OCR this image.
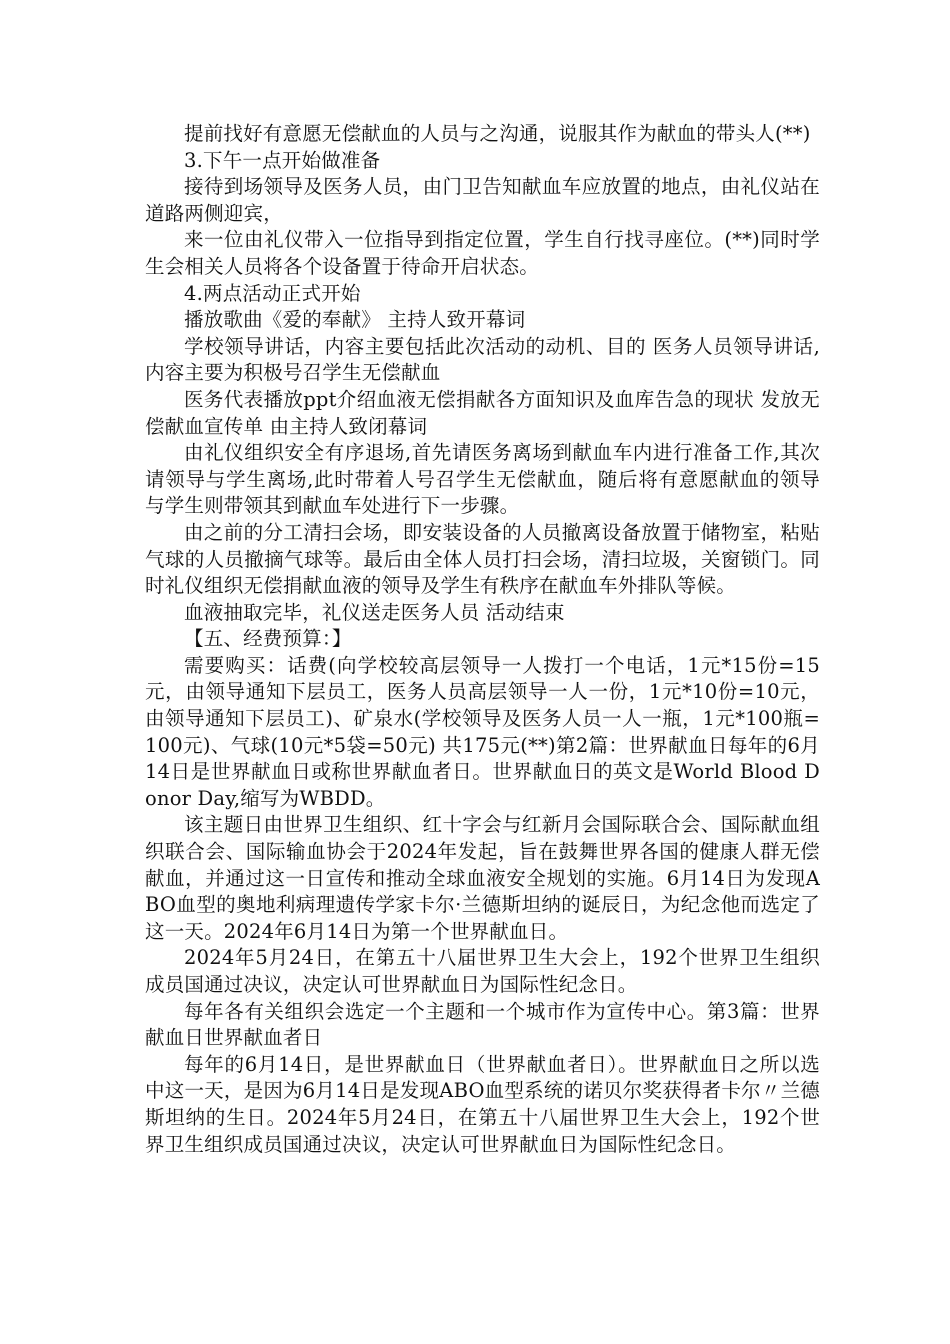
提前找好有意愿无偿献血的人员与之沟通，说服其作为献血的带头人(**)

3.下午一点开始做准备

接待到场领导及医务人员，由门卫告知献血车应放置的地点，由礼仪站在道路两侧迎宾，

来一位由礼仪带入一位指导到指定位置，学生自行找寻座位。(**)同时学生会相关人员将各个设备置于待命开启状态。

4.两点活动正式开始

播放歌曲《爱的奉献》 主持人致开幕词

学校领导讲话，内容主要包括此次活动的动机、目的 医务人员领导讲话,内容主要为积极号召学生无偿献血

医务代表播放ppt介绍血液无偿捐献各方面知识及血库告急的现状 发放无偿献血宣传单 由主持人致闭幕词

由礼仪组织安全有序退场,首先请医务离场到献血车内进行准备工作,其次请领导与学生离场,此时带着人号召学生无偿献血，随后将有意愿献血的领导与学生则带领其到献血车处进行下一步骤。

由之前的分工清扫会场，即安装设备的人员撤离设备放置于储物室，粘贴气球的人员撤摘气球等。最后由全体人员打扫会场，清扫垃圾，关窗锁门。同时礼仪组织无偿捐献血液的领导及学生有秩序在献血车外排队等候。

血液抽取完毕，礼仪送走医务人员 活动结束

【五、经费预算：】

需要购买：话费(向学校较高层领导一人拨打一个电话，1元*15份=15元，由领导通知下层员工，医务人员高层领导一人一份，1元*10份=10元，由领导通知下层员工)、矿泉水(学校领导及医务人员一人一瓶，1元*100瓶=100元)、气球(10元*5袋=50元) 共175元(**)第2篇：世界献血日每年的6月14日是世界献血日或称世界献血者日。世界献血日的英文是World Blood Donor Day,缩写为WBDD。

该主题日由世界卫生组织、红十字会与红新月会国际联合会、国际献血组织联合会、国际输血协会于2024年发起，旨在鼓舞世界各国的健康人群无偿献血，并通过这一日宣传和推动全球血液安全规划的实施。6月14日为发现ABO血型的奥地利病理遗传学家卡尔·兰德斯坦纳的诞辰日，为纪念他而选定了这一天。2024年6月14日为第一个世界献血日。

2024年5月24日，在第五十八届世界卫生大会上，192个世界卫生组织成员国通过决议，决定认可世界献血日为国际性纪念日。

每年各有关组织会选定一个主题和一个城市作为宣传中心。第3篇：世界献血日世界献血者日

每年的6月14日，是世界献血日（世界献血者日）。世界献血日之所以选中这一天，是因为6月14日是发现ABO血型系统的诺贝尔奖获得者卡尔〃兰德斯坦纳的生日。2024年5月24日，在第五十八届世界卫生大会上，192个世界卫生组织成员国通过决议，决定认可世界献血日为国际性纪念日。
